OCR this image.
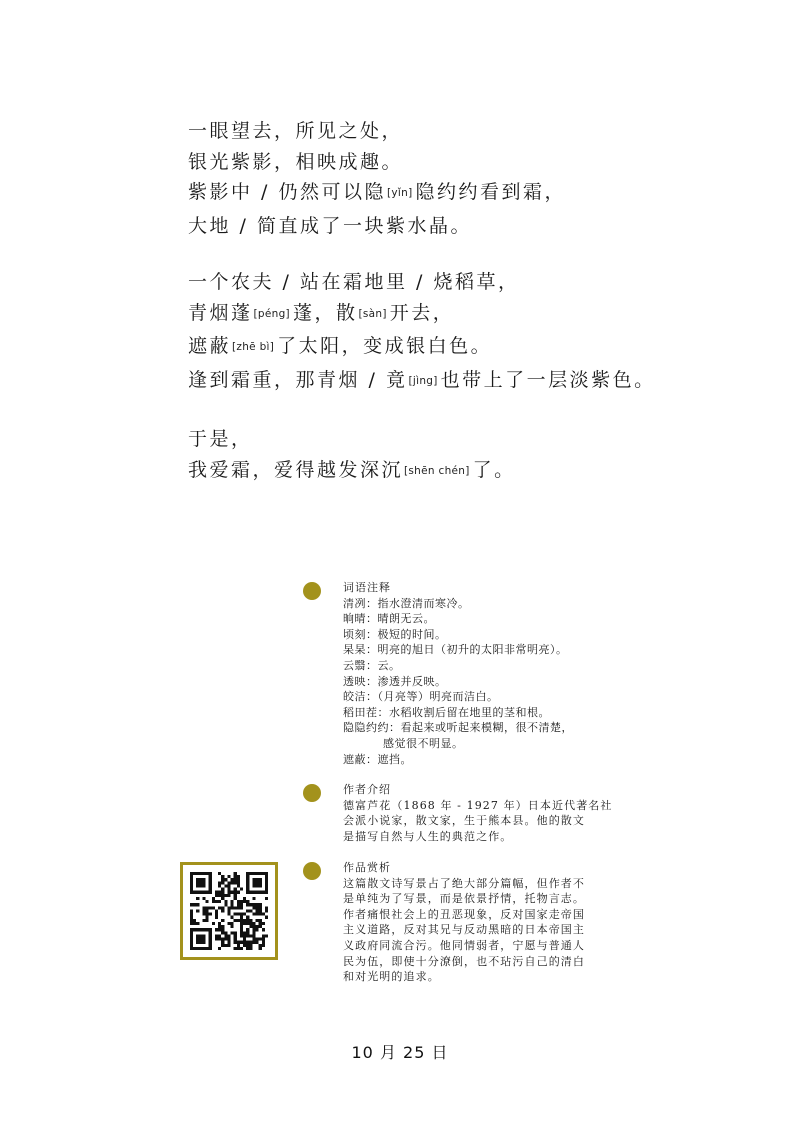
一眼望去，所见之处，
银光紫影，相映成趣。
紫影中 / 仍然可以隐[yǐn] 隐约约看到霜，
大地 / 简直成了一块紫水晶。
一个农夫 / 站在霜地里 / 烧稻草，
青烟蓬[péng] 蓬，散[sàn] 开去，
遮蔽[zhē bì] 了太阳，变成银白色。
逢到霜重，那青烟 / 竟[jìng] 也带上了一层淡紫色。
于是，
我爱霜，爱得越发深沉[shēn chén] 了。
词语注释
清冽：指水澄清而寒冷。
晌晴：晴朗无云。
顷刻：极短的时间。
杲杲：明亮的旭日（初升的太阳非常明亮）。
云翳：云。
透映：渗透并反映。
皎洁：（月亮等）明亮而洁白。
稻田茬：水稻收割后留在地里的茎和根。
隐隐约约：看起来或听起来模糊，很不清楚，
感觉很不明显。
遮蔽：遮挡。
作者介绍
德富芦花（1868 年 - 1927 年）日本近代著名社
会派小说家，散文家，生于熊本县。他的散文
是描写自然与人生的典范之作。
作品赏析
这篇散文诗写景占了绝大部分篇幅，但作者不
是单纯为了写景，而是依景抒情，托物言志。
作者痛恨社会上的丑恶现象，反对国家走帝国
主义道路，反对其兄与反动黑暗的日本帝国主
义政府同流合污。他同情弱者，宁愿与普通人
民为伍，即使十分潦倒，也不玷污自己的清白
和对光明的追求。
10 月 25 日
